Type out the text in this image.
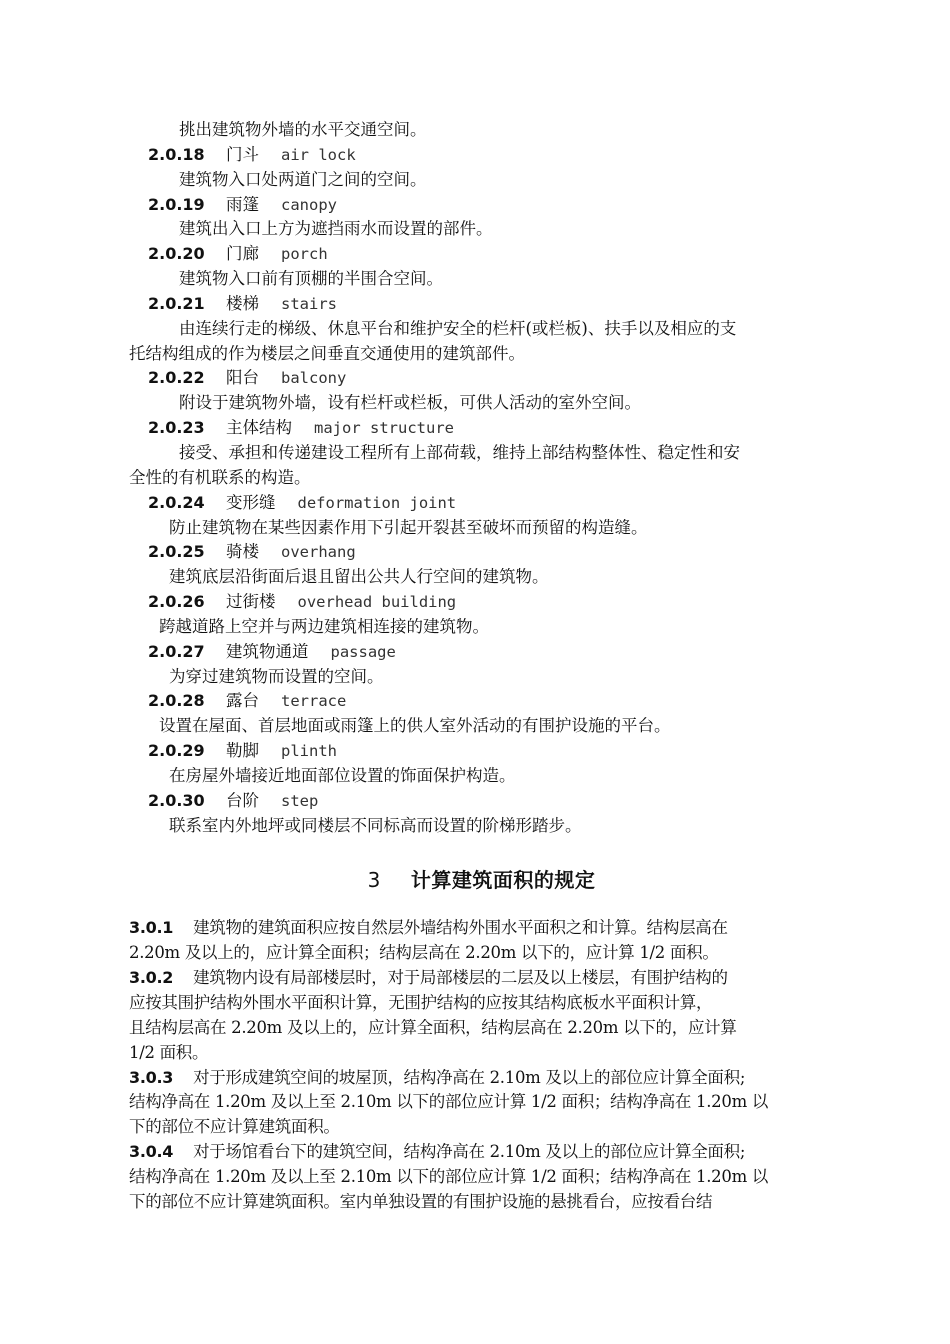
挑出建筑物外墙的水平交通空间。
2.0.18 门斗 air lock
建筑物入口处两道门之间的空间。
2.0.19 雨篷 canopy
建筑出入口上方为遮挡雨水而设置的部件。
2.0.20 门廊 porch
建筑物入口前有顶棚的半围合空间。
2.0.21 楼梯 stairs
由连续行走的梯级、休息平台和维护安全的栏杆(或栏板)、扶手以及相应的支
托结构组成的作为楼层之间垂直交通使用的建筑部件。
2.0.22 阳台 balcony
附设于建筑物外墙，设有栏杆或栏板，可供人活动的室外空间。
2.0.23 主体结构 major structure
接受、承担和传递建设工程所有上部荷载，维持上部结构整体性、稳定性和安
全性的有机联系的构造。
2.0.24 变形缝 deformation joint
防止建筑物在某些因素作用下引起开裂甚至破坏而预留的构造缝。
2.0.25 骑楼 overhang
建筑底层沿街面后退且留出公共人行空间的建筑物。
2.0.26 过街楼 overhead building
跨越道路上空并与两边建筑相连接的建筑物。
2.0.27 建筑物通道 passage
为穿过建筑物而设置的空间。
2.0.28 露台 terrace
设置在屋面、首层地面或雨篷上的供人室外活动的有围护设施的平台。
2.0.29 勒脚 plinth
在房屋外墙接近地面部位设置的饰面保护构造。
2.0.30 台阶 step
联系室内外地坪或同楼层不同标高而设置的阶梯形踏步。
3 计算建筑面积的规定
3.0.1 建筑物的建筑面积应按自然层外墙结构外围水平面积之和计算。结构层高在
2.20m 及以上的，应计算全面积；结构层高在 2.20m 以下的，应计算 1/2 面积。
3.0.2 建筑物内设有局部楼层时，对于局部楼层的二层及以上楼层，有围护结构的
应按其围护结构外围水平面积计算，无围护结构的应按其结构底板水平面积计算，
且结构层高在 2.20m 及以上的，应计算全面积，结构层高在 2.20m 以下的，应计算
1/2 面积。
3.0.3 对于形成建筑空间的坡屋顶，结构净高在 2.10m 及以上的部位应计算全面积;
结构净高在 1.20m 及以上至 2.10m 以下的部位应计算 1/2 面积；结构净高在 1.20m 以
下的部位不应计算建筑面积。
3.0.4 对于场馆看台下的建筑空间，结构净高在 2.10m 及以上的部位应计算全面积;
结构净高在 1.20m 及以上至 2.10m 以下的部位应计算 1/2 面积；结构净高在 1.20m 以
下的部位不应计算建筑面积。室内单独设置的有围护设施的悬挑看台，应按看台结
